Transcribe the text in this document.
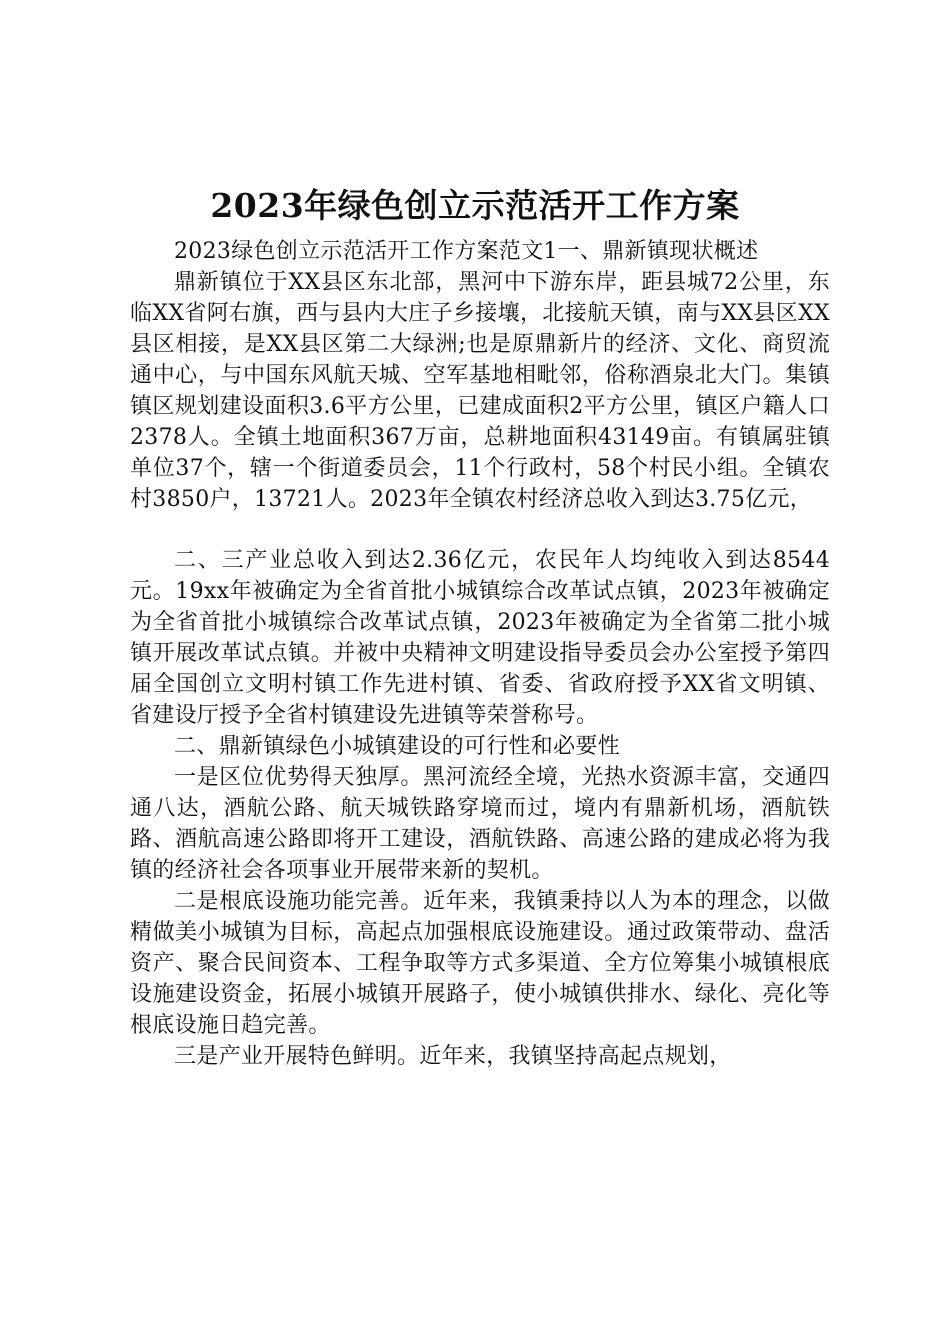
2023年绿色创立示范活开工作方案

2023绿色创立示范活开工作方案范文1一、鼎新镇现状概述

鼎新镇位于XX县区东北部，黑河中下游东岸，距县城72公里，东临XX省阿右旗，西与县内大庄子乡接壤，北接航天镇，南与XX县区XX县区相接，是XX县区第二大绿洲;也是原鼎新片的经济、文化、商贸流通中心，与中国东风航天城、空军基地相毗邻，俗称酒泉北大门。集镇镇区规划建设面积3.6平方公里，已建成面积2平方公里，镇区户籍人口2378人。全镇土地面积367万亩，总耕地面积43149亩。有镇属驻镇单位37个，辖一个街道委员会，11个行政村，58个村民小组。全镇农村3850户，13721人。2023年全镇农村经济总收入到达3.75亿元，

二、三产业总收入到达2.36亿元，农民年人均纯收入到达8544元。19xx年被确定为全省首批小城镇综合改革试点镇，2023年被确定为全省首批小城镇综合改革试点镇，2023年被确定为全省第二批小城镇开展改革试点镇。并被中央精神文明建设指导委员会办公室授予第四届全国创立文明村镇工作先进村镇、省委、省政府授予XX省文明镇、省建设厅授予全省村镇建设先进镇等荣誉称号。

二、鼎新镇绿色小城镇建设的可行性和必要性

一是区位优势得天独厚。黑河流经全境，光热水资源丰富，交通四通八达，酒航公路、航天城铁路穿境而过，境内有鼎新机场，酒航铁路、酒航高速公路即将开工建设，酒航铁路、高速公路的建成必将为我镇的经济社会各项事业开展带来新的契机。

二是根底设施功能完善。近年来，我镇秉持以人为本的理念，以做精做美小城镇为目标，高起点加强根底设施建设。通过政策带动、盘活资产、聚合民间资本、工程争取等方式多渠道、全方位筹集小城镇根底设施建设资金，拓展小城镇开展路子，使小城镇供排水、绿化、亮化等根底设施日趋完善。

三是产业开展特色鲜明。近年来，我镇坚持高起点规划，
